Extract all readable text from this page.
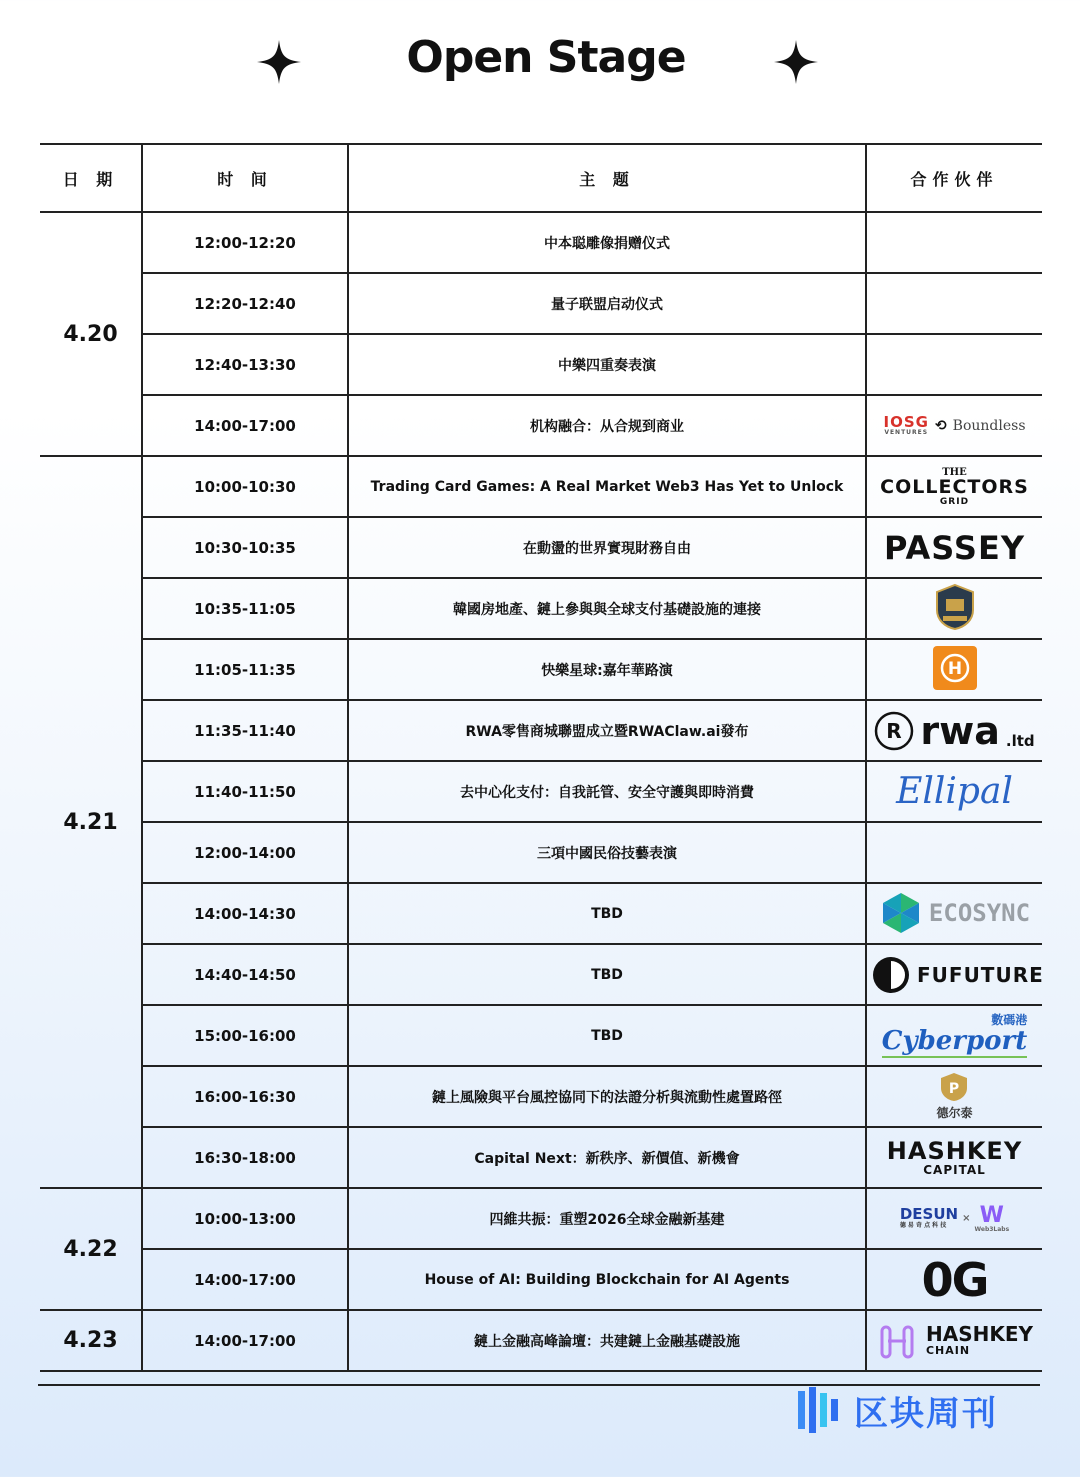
Open Stage
日 期	时 间	主 题	合作伙伴
4.20	12:00-12:20	中本聪雕像捐赠仪式	
	12:20-12:40	量子联盟启动仪式	
	12:40-13:30	中樂四重奏表演	
	14:00-17:00	机构融合：从合规到商业	IOSG
VENTURES ⟲ Boundless

4.21	10:00-10:30	Trading Card Games: A Real Market Web3 Has Yet to Unlock	THE
COLLECTORS
GRID

	10:30-10:35	在動盪的世界實現財務自由	PASSEY

	10:35-11:05	韓國房地產、鏈上參與與全球支付基礎設施的連接	
	11:05-11:35	快樂星球:嘉年華路演	H

	11:35-11:40	RWA零售商城聯盟成立暨RWAClaw.ai發布	R rwa .ltd

	11:40-11:50	去中心化支付：自我託管、安全守護與即時消費	Ellipal

	12:00-14:00	三項中國民俗技藝表演	
	14:00-14:30	TBD	ECOSYNC

	14:40-14:50	TBD	FUFUTURE

	15:00-16:00	TBD	數碼港
Cyberport

	16:00-16:30	鏈上風險與平台風控協同下的法證分析與流動性處置路徑	P
德尔泰

	16:30-18:00	Capital Next：新秩序、新價值、新機會	HASHKEY
CAPITAL

4.22	10:00-13:00	四維共振：重塑2026全球金融新基建	DESUN
德 易 奇 点 科 技
× W
Web3Labs

	14:00-17:00	House of AI: Building Blockchain for AI Agents	0G

4.23	14:00-17:00	鏈上金融高峰論壇：共建鏈上金融基礎設施	HASHKEY
CHAIN
区块周刊
